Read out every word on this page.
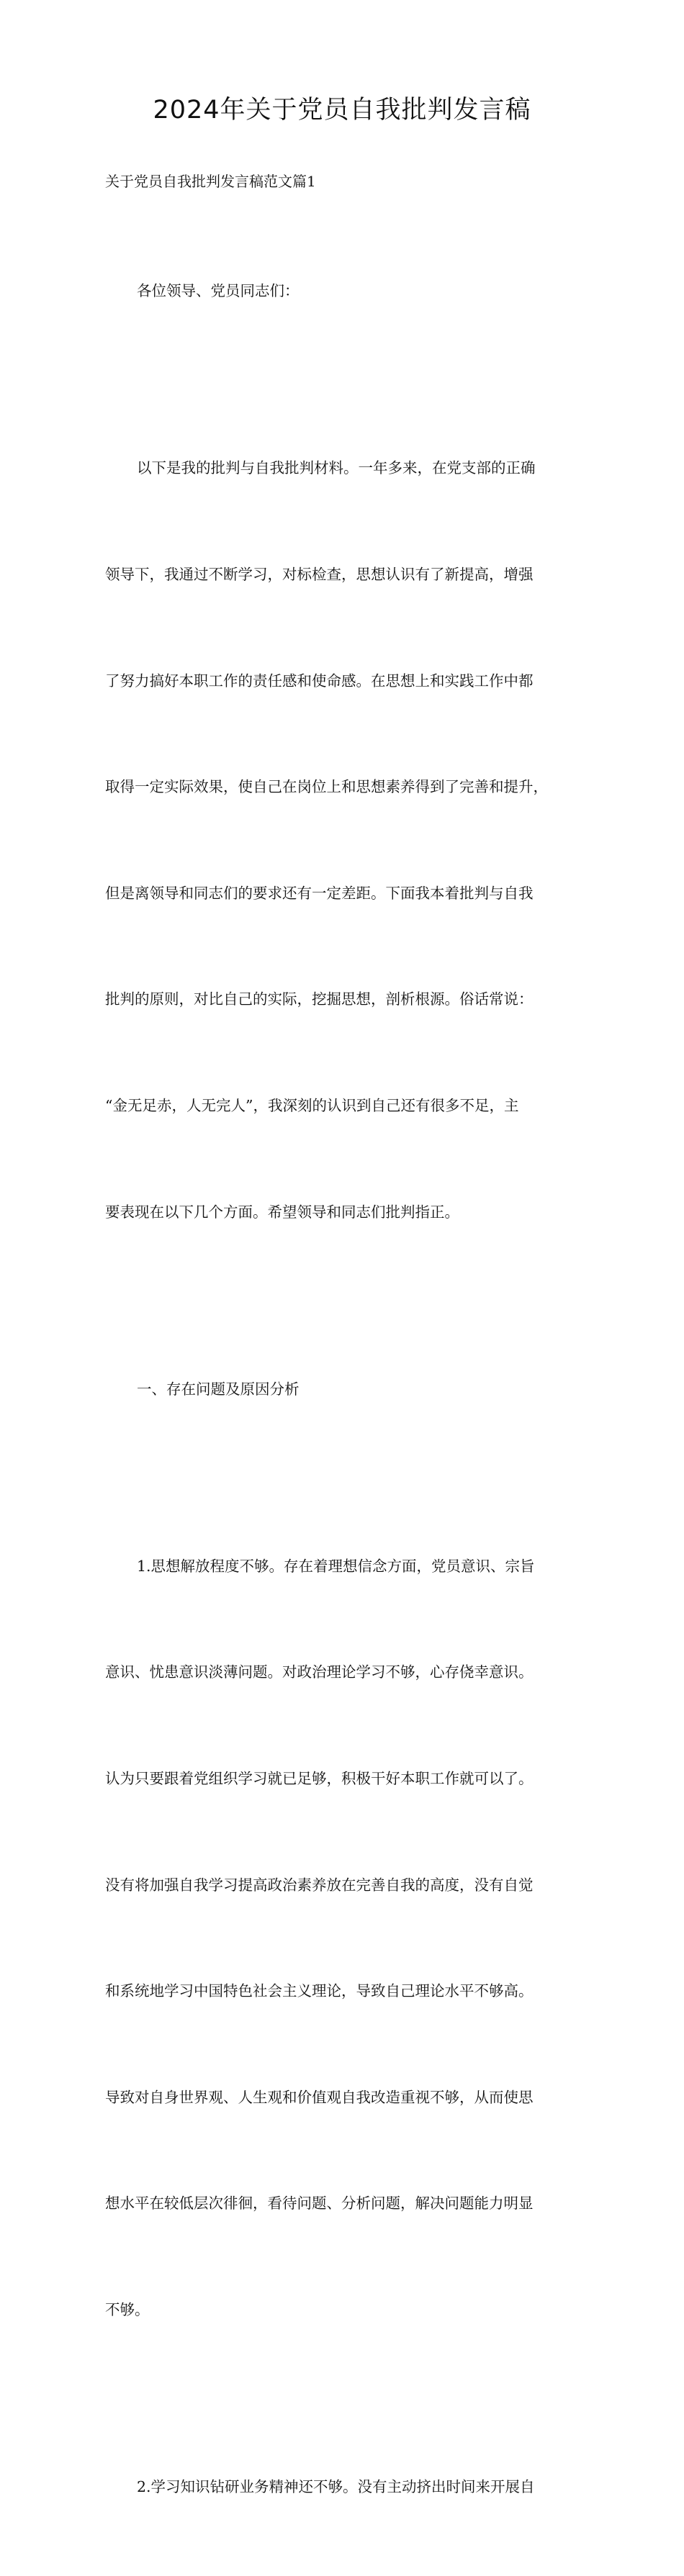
2024年关于党员自我批判发言稿

关于党员自我批判发言稿范文篇1

各位领导、党员同志们：

以下是我的批判与自我批判材料。一年多来，在党支部的正确

领导下，我通过不断学习，对标检查，思想认识有了新提高，增强

了努力搞好本职工作的责任感和使命感。在思想上和实践工作中都

取得一定实际效果，使自己在岗位上和思想素养得到了完善和提升，

但是离领导和同志们的要求还有一定差距。下面我本着批判与自我

批判的原则，对比自己的实际，挖掘思想，剖析根源。俗话常说：

“金无足赤，人无完人”，我深刻的认识到自己还有很多不足，主

要表现在以下几个方面。希望领导和同志们批判指正。

一、存在问题及原因分析

1.思想解放程度不够。存在着理想信念方面，党员意识、宗旨

意识、忧患意识淡薄问题。对政治理论学习不够，心存侥幸意识。

认为只要跟着党组织学习就已足够，积极干好本职工作就可以了。

没有将加强自我学习提高政治素养放在完善自我的高度，没有自觉

和系统地学习中国特色社会主义理论，导致自己理论水平不够高。

导致对自身世界观、人生观和价值观自我改造重视不够，从而使思

想水平在较低层次徘徊，看待问题、分析问题，解决问题能力明显

不够。

2.学习知识钻研业务精神还不够。没有主动挤出时间来开展自
